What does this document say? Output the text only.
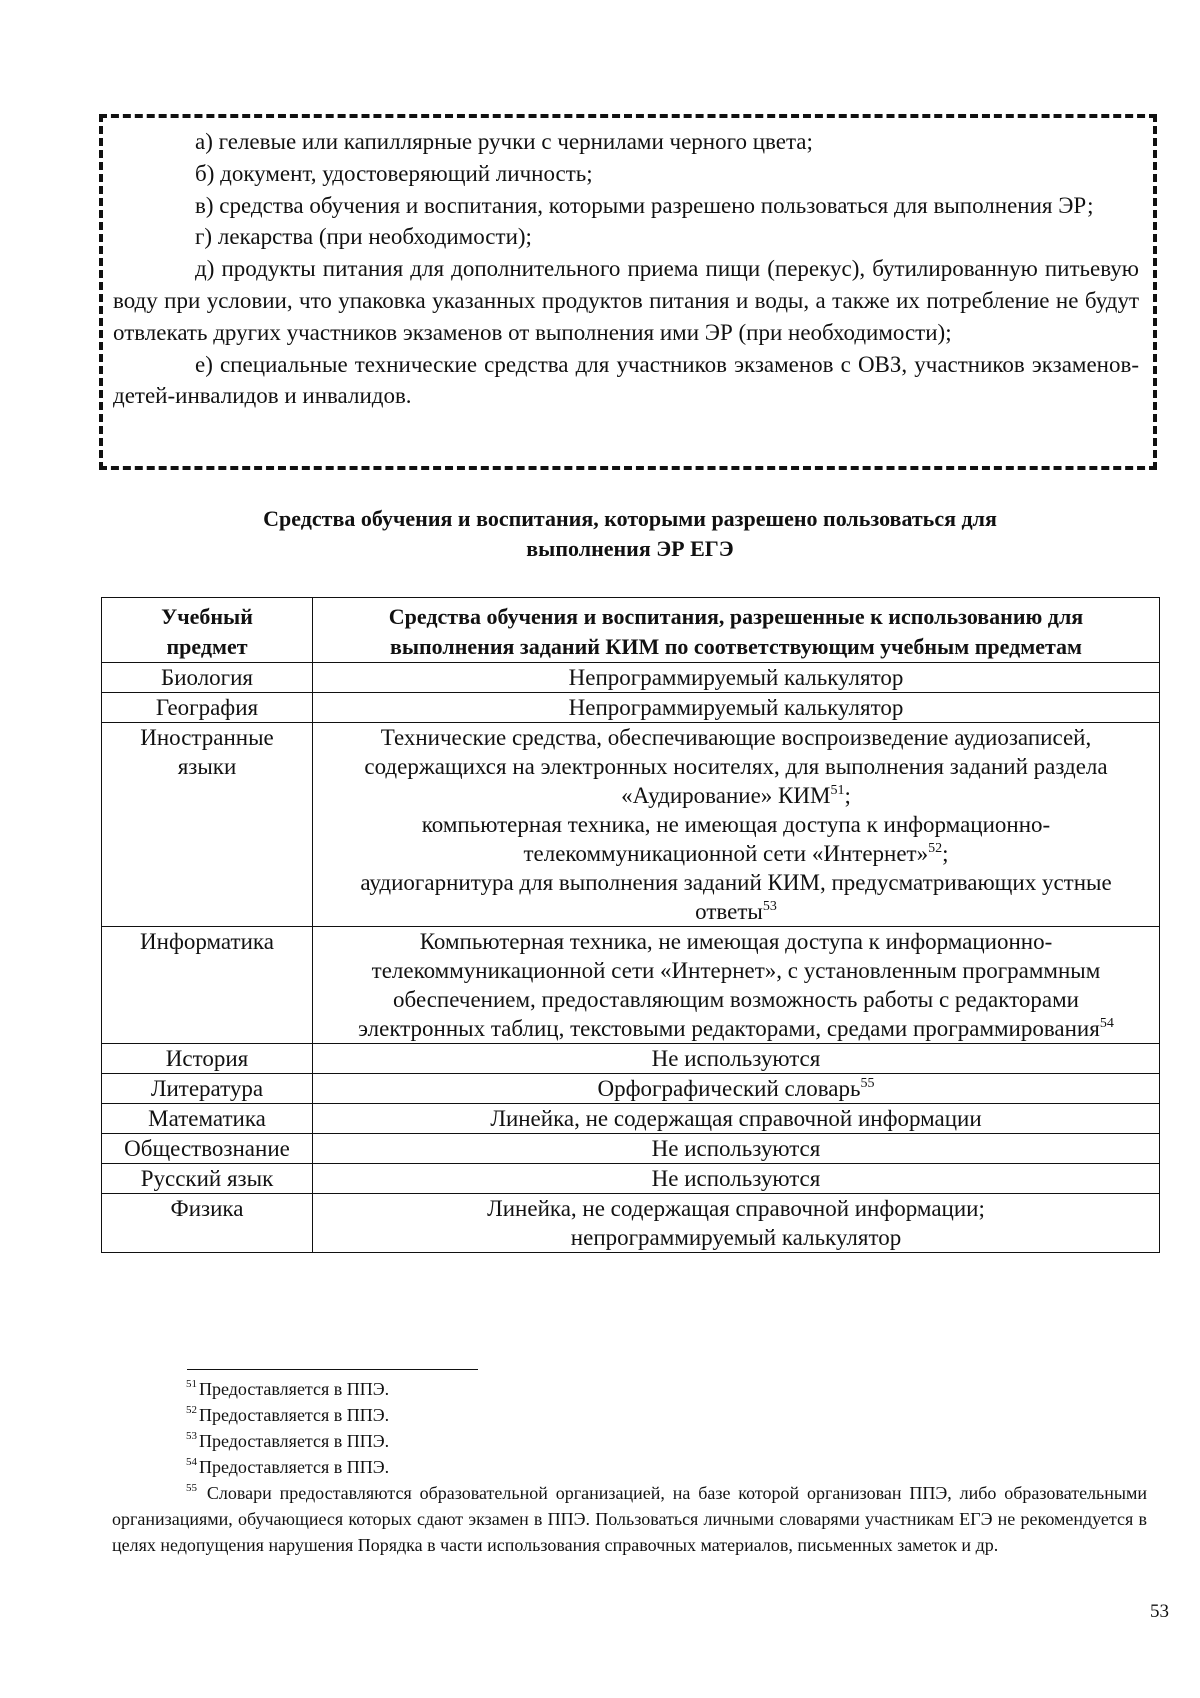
а) гелевые или капиллярные ручки с чернилами черного цвета;

б) документ, удостоверяющий личность;

в) средства обучения и воспитания, которыми разрешено пользоваться для выполнения ЭР;

г) лекарства (при необходимости);

д) продукты питания для дополнительного приема пищи (перекус), бутилированную питьевую воду при условии, что упаковка указанных продуктов питания и воды, а также их потребление не будут отвлекать других участников экзаменов от выполнения ими ЭР (при необходимости);

е) специальные технические средства для участников экзаменов с ОВЗ, участников экзаменов-детей-инвалидов и инвалидов.

Средства обучения и воспитания, которыми разрешено пользоваться для
выполнения ЭР ЕГЭ
Учебный предмет	Средства обучения и воспитания, разрешенные к использованию для выполнения заданий КИМ по соответствующим учебным предметам
Биология	Непрограммируемый калькулятор
География	Непрограммируемый калькулятор
Иностранные языки	Технические средства, обеспечивающие воспроизведение аудиозаписей, содержащихся на электронных носителях, для выполнения заданий раздела «Аудирование» КИМ$^{51}$;
компьютерная техника, не имеющая доступа к информационно-телекоммуникационной сети «Интернет»$^{52}$;
аудиогарнитура для выполнения заданий КИМ, предусматривающих устные ответы$^{53}$
Информатика	Компьютерная техника, не имеющая доступа к информационно-телекоммуникационной сети «Интернет», с установленным программным обеспечением, предоставляющим возможность работы с редакторами электронных таблиц, текстовыми редакторами, средами программирования$^{54}$
История	Не используются
Литература	Орфографический словарь$^{55}$
Математика	Линейка, не содержащая справочной информации
Обществознание	Не используются
Русский язык	Не используются
Физика	Линейка, не содержащая справочной информации;
непрограммируемый калькулятор

$^{51}$ Предоставляется в ППЭ.

$^{52}$ Предоставляется в ППЭ.

$^{53}$ Предоставляется в ППЭ.

$^{54}$ Предоставляется в ППЭ.

$^{55}$ Словари предоставляются образовательной организацией, на базе которой организован ППЭ, либо образовательными организациями, обучающиеся которых сдают экзамен в ППЭ. Пользоваться личными словарями участникам ЕГЭ не рекомендуется в целях недопущения нарушения Порядка в части использования справочных материалов, письменных заметок и др.

53
